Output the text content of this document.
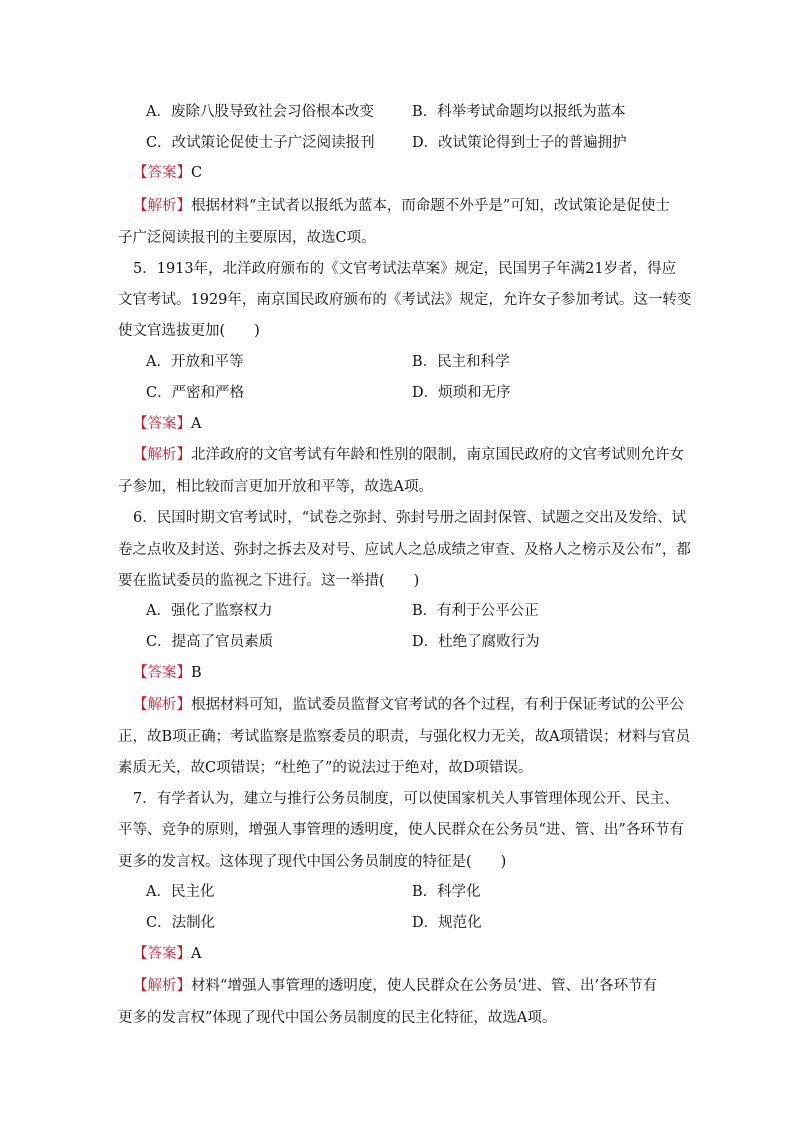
A．废除八股导致社会习俗根本改变	B．科举考试命题均以报纸为蓝本
C．改试策论促使士子广泛阅读报刊	D．改试策论得到士子的普遍拥护
【答案】C
【解析】根据材料“主试者以报纸为蓝本，而命题不外乎是”可知，改试策论是促使士
子广泛阅读报刊的主要原因，故选C项。
5．1913年，北洋政府颁布的《文官考试法草案》规定，民国男子年满21岁者，得应
文官考试。1929年，南京国民政府颁布的《考试法》规定，允许女子参加考试。这一转变
使文官选拔更加(　　)
A．开放和平等	B．民主和科学
C．严密和严格	D．烦琐和无序
【答案】A
【解析】北洋政府的文官考试有年龄和性别的限制，南京国民政府的文官考试则允许女
子参加，相比较而言更加开放和平等，故选A项。
6．民国时期文官考试时，“试卷之弥封、弥封号册之固封保管、试题之交出及发给、试
卷之点收及封送、弥封之拆去及对号、应试人之总成绩之审查、及格人之榜示及公布”，都
要在监试委员的监视之下进行。这一举措(　　)
A．强化了监察权力	B．有利于公平公正
C．提高了官员素质	D．杜绝了腐败行为
【答案】B
【解析】根据材料可知，监试委员监督文官考试的各个过程，有利于保证考试的公平公
正，故B项正确；考试监察是监察委员的职责，与强化权力无关，故A项错误；材料与官员
素质无关，故C项错误；“杜绝了”的说法过于绝对，故D项错误。
7．有学者认为，建立与推行公务员制度，可以使国家机关人事管理体现公开、民主、
平等、竞争的原则，增强人事管理的透明度，使人民群众在公务员“进、管、出”各环节有
更多的发言权。这体现了现代中国公务员制度的特征是(　　)
A．民主化	B．科学化
C．法制化	D．规范化
【答案】A
【解析】材料“增强人事管理的透明度，使人民群众在公务员‘进、管、出’各环节有
更多的发言权”体现了现代中国公务员制度的民主化特征，故选A项。
